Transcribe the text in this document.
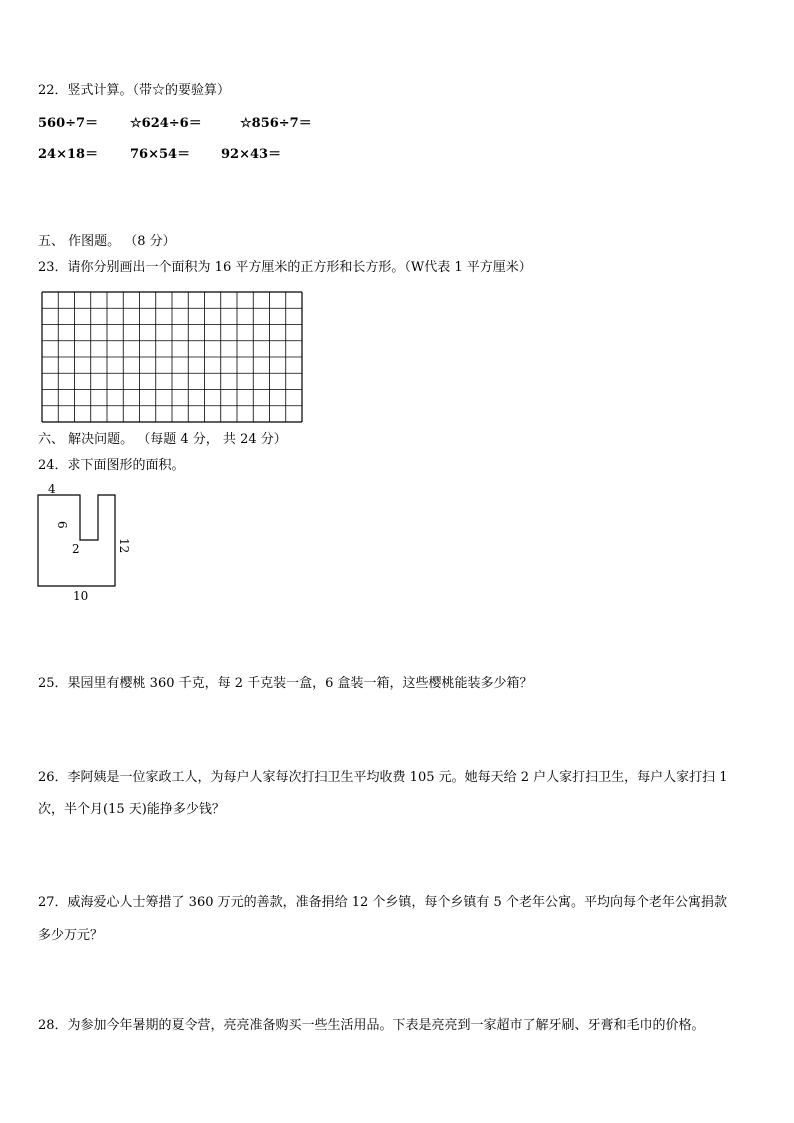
22．竖式计算。（带☆的要验算）
560÷7＝ ☆624÷6＝	☆856÷7＝
24×18＝ 76×54＝ 92×43＝
五、 作图题。 （8 分）
23．请你分别画出一个面积为 16 平方厘米的正方形和长方形。（W代表 1 平方厘米）
六、 解决问题。 （每题 4 分， 共 24 分）
24．求下面图形的面积。
4
6
2	12
10
25．果园里有樱桃 360 千克，每 2 千克装一盒，6 盒装一箱，这些樱桃能装多少箱？
26．李阿姨是一位家政工人，为每户人家每次打扫卫生平均收费 105 元。她每天给 2 户人家打扫卫生，每户人家打扫 1
次，半个月(15 天)能挣多少钱？
27．威海爱心人士筹措了 360 万元的善款，准备捐给 12 个乡镇，每个乡镇有 5 个老年公寓。平均向每个老年公寓捐款
多少万元？
28．为参加今年暑期的夏令营，亮亮准备购买一些生活用品。下表是亮亮到一家超市了解牙刷、牙膏和毛巾的价格。
